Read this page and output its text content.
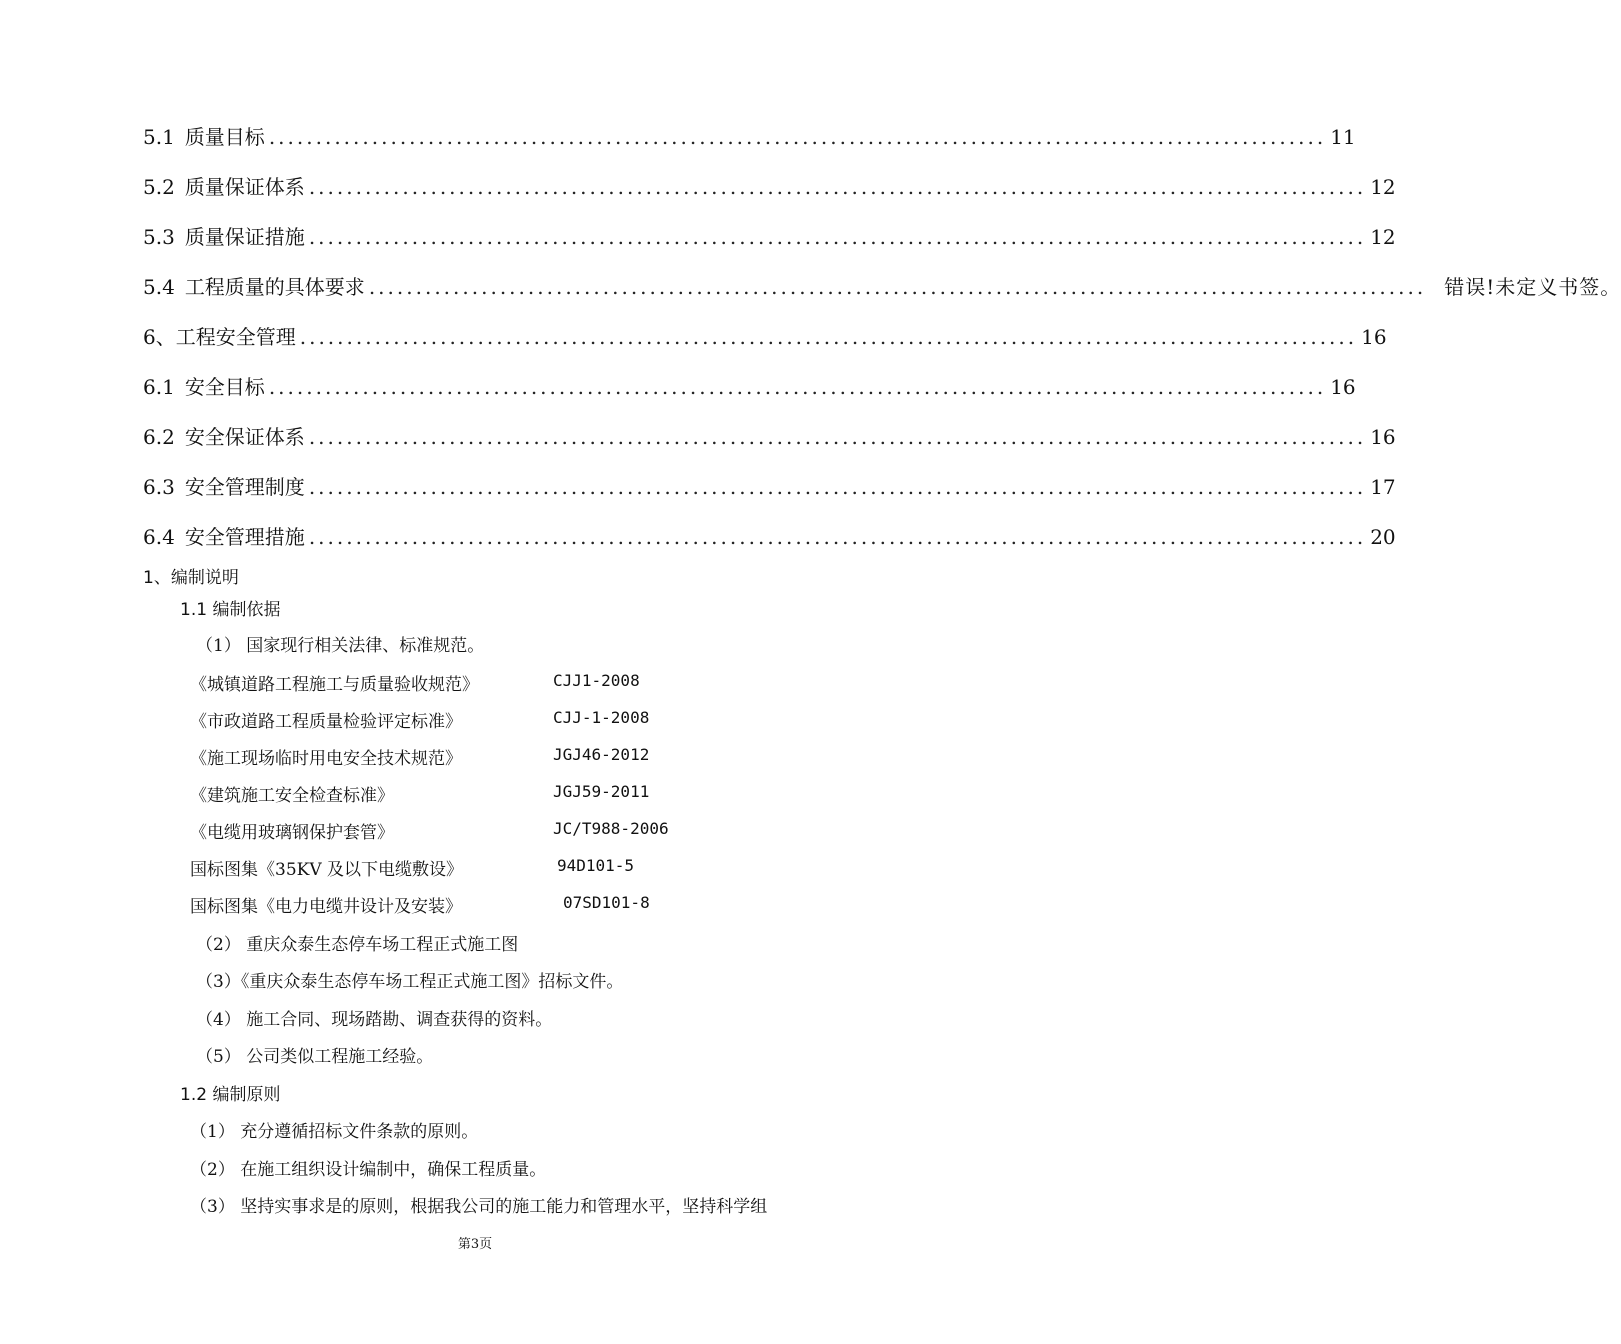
5.1 质量目标 ................................................................................................................. 11
5.2 质量保证体系 ................................................................................................................. 12
5.3 质量保证措施 ................................................................................................................. 12
5.4 工程质量的具体要求 ................................................................................................................. 错误!未定义书签。
6、 工程安全管理 ................................................................................................................. 16
6.1 安全目标 ................................................................................................................. 16
6.2 安全保证体系 ................................................................................................................. 16
6.3 安全管理制度 ................................................................................................................. 17
6.4 安全管理措施 ................................................................................................................. 20
1、编制说明
1.1 编制依据
（1） 国家现行相关法律、标准规范。
《城镇道路工程施工与质量验收规范》	CJJ1-2008
《市政道路工程质量检验评定标准》	CJJ-1-2008
《施工现场临时用电安全技术规范》	JGJ46-2012
《建筑施工安全检查标准》	JGJ59-2011
《电缆用玻璃钢保护套管》	JC/T988-2006
国标图集《35KV 及以下电缆敷设》	94D101-5
国标图集《电力电缆井设计及安装》	07SD101-8
（2） 重庆众泰生态停车场工程正式施工图
（3）《重庆众泰生态停车场工程正式施工图》招标文件。
（4） 施工合同、现场踏勘、调查获得的资料。
（5） 公司类似工程施工经验。
1.2 编制原则
（1） 充分遵循招标文件条款的原则。
（2） 在施工组织设计编制中，确保工程质量。
（3） 坚持实事求是的原则，根据我公司的施工能力和管理水平，坚持科学组
第3页
